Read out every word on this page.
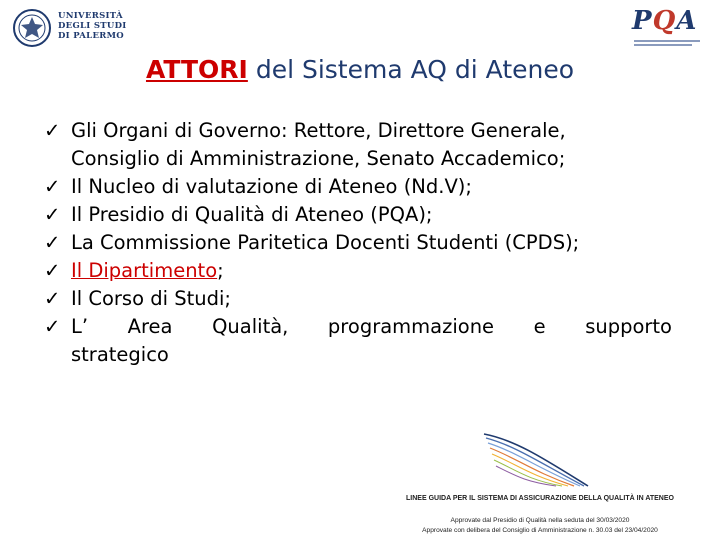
UNIVERSITÀ
DEGLI STUDI
DI PALERMO	PQA
ATTORI del Sistema AQ di Ateneo
✓ Gli Organi di Governo: Rettore, Direttore Generale,
Consiglio di Amministrazione, Senato Accademico;
✓ Il Nucleo di valutazione di Ateneo (Nd.V);
✓ Il Presidio di Qualità di Ateneo (PQA);
✓ La Commissione Paritetica Docenti Studenti (CPDS);
✓ Il Dipartimento;
✓ Il Corso di Studi;
✓ L’ Area Qualità, programmazione e supporto
strategico
LINEE GUIDA PER IL SISTEMA DI ASSICURAZIONE DELLA QUALITÀ IN ATENEO
Approvate dal Presidio di Qualità nella seduta del 30/03/2020
Approvate con delibera del Consiglio di Amministrazione n. 30.03 del 23/04/2020
